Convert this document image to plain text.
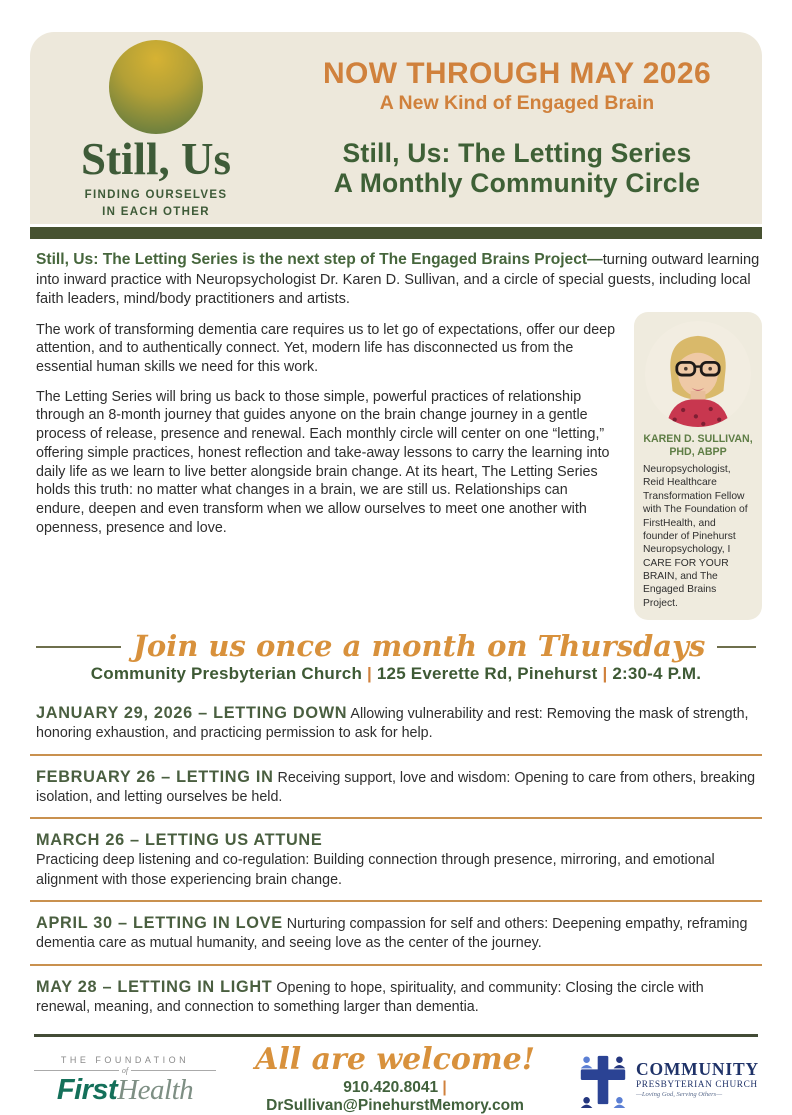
Still, Us
FINDING OURSELVES
IN EACH OTHER
NOW THROUGH MAY 2026
A New Kind of Engaged Brain
Still, Us: The Letting Series
A Monthly Community Circle

Still, Us: The Letting Series is the next step of The Engaged Brains Project—turning outward learning into inward practice with Neuropsychologist Dr. Karen D. Sullivan, and a circle of special guests, including local faith leaders, mind/body practitioners and artists.

The work of transforming dementia care requires us to let go of expectations, offer our deep attention, and to authentically connect. Yet, modern life has disconnected us from the essential human skills we need for this work.

The Letting Series will bring us back to those simple, powerful practices of relationship through an 8-month journey that guides anyone on the brain change journey in a gentle process of release, presence and renewal. Each monthly circle will center on one “letting,” offering simple practices, honest reflection and take-away lessons to carry the learning into daily life as we learn to live better alongside brain change. At its heart, The Letting Series holds this truth: no matter what changes in a brain, we are still us. Relationships can endure, deepen and even transform when we allow ourselves to meet one another with openness, presence and love.

KAREN D. SULLIVAN, PHD, ABPP
Neuropsychologist, Reid Healthcare Transformation Fellow with The Foundation of FirstHealth, and founder of Pinehurst Neuropsychology, I CARE FOR YOUR BRAIN, and The Engaged Brains Project.
Join us once a month on Thursdays
Community Presbyterian Church | 125 Everette Rd, Pinehurst | 2:30-4 P.M.

JANUARY 29, 2026 – LETTING DOWN Allowing vulnerability and rest: Removing the mask of strength, honoring exhaustion, and practicing permission to ask for help.

FEBRUARY 26 – LETTING IN Receiving support, love and wisdom: Opening to care from others, breaking isolation, and letting ourselves be held.

MARCH 26 – LETTING US ATTUNE
Practicing deep listening and co-regulation: Building connection through presence, mirroring, and emotional alignment with those experiencing brain change.

APRIL 30 – LETTING IN LOVE Nurturing compassion for self and others: Deepening empathy, reframing dementia care as mutual humanity, and seeing love as the center of the journey.

MAY 28 – LETTING IN LIGHT Opening to hope, spirituality, and community: Closing the circle with renewal, meaning, and connection to something larger than dementia.

THE FOUNDATION
of
FirstHealth
All are welcome!
910.420.8041 | DrSullivan@PinehurstMemory.com
COMMUNITY
PRESBYTERIAN CHURCH
— Loving God, Serving Others —
